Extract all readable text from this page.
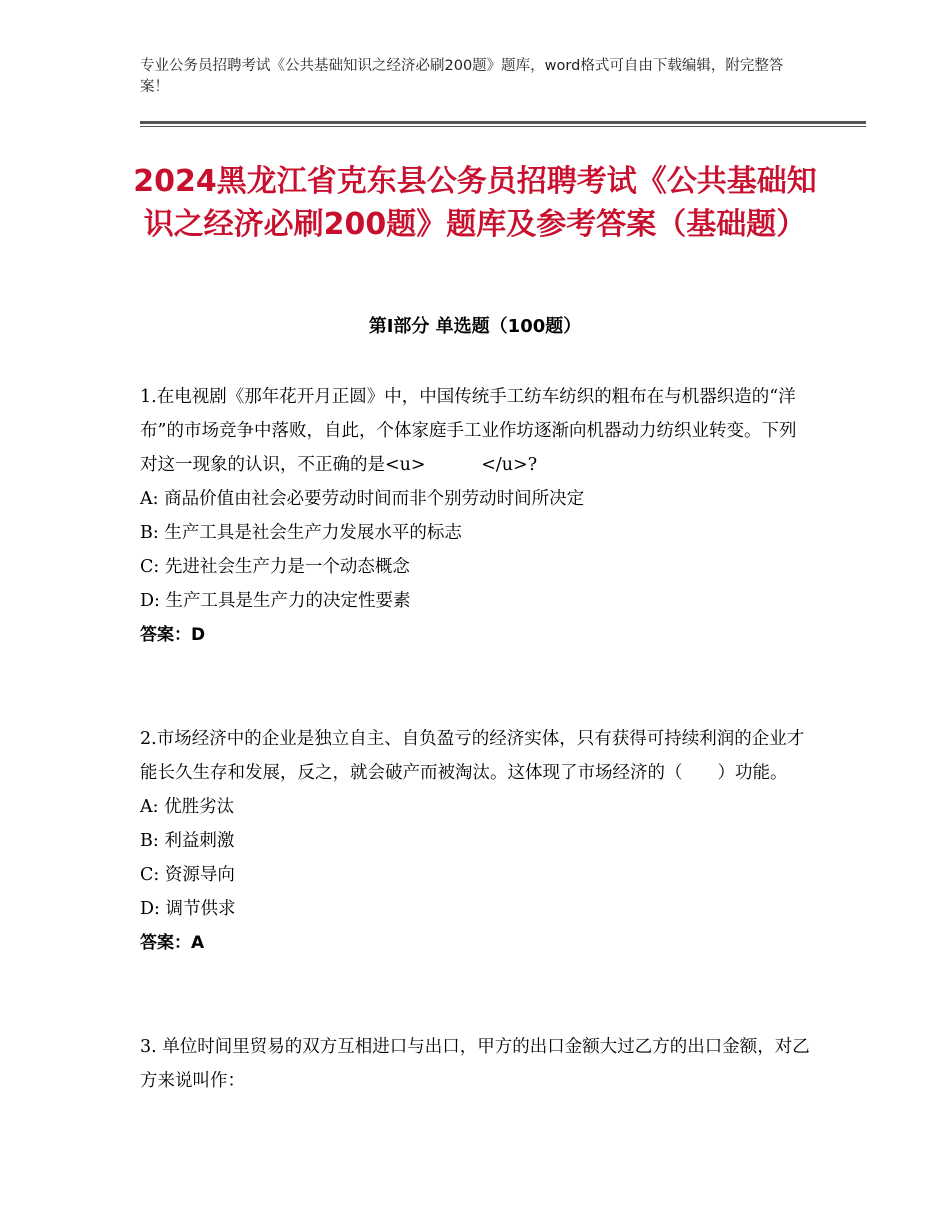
专业公务员招聘考试《公共基础知识之经济必刷200题》题库，word格式可自由下载编辑，附完整答案！
2024黑龙江省克东县公务员招聘考试《公共基础知识之经济必刷200题》题库及参考答案（基础题）
第Ⅰ部分 单选题（100题）

1.在电视剧《那年花开月正圆》中，中国传统手工纺车纺织的粗布在与机器织造的“洋布”的市场竞争中落败，自此，个体家庭手工业作坊逐渐向机器动力纺织业转变。下列对这一现象的认识，不正确的是<u>          </u>?

A: 商品价值由社会必要劳动时间而非个别劳动时间所决定
B: 生产工具是社会生产力发展水平的标志
C: 先进社会生产力是一个动态概念
D: 生产工具是生产力的决定性要素
答案：D

2.市场经济中的企业是独立自主、自负盈亏的经济实体，只有获得可持续利润的企业才能长久生存和发展，反之，就会破产而被淘汰。这体现了市场经济的（　　）功能。

A: 优胜劣汰
B: 利益刺激
C: 资源导向
D: 调节供求
答案：A

3. 单位时间里贸易的双方互相进口与出口，甲方的出口金额大过乙方的出口金额，对乙方来说叫作：
